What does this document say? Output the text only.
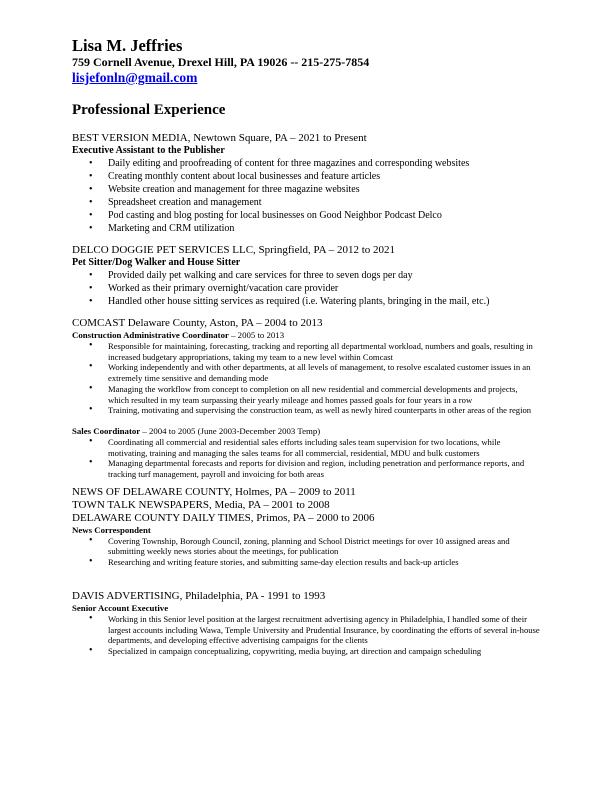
Lisa M. Jeffries

759 Cornell Avenue, Drexel Hill, PA 19026 -- 215-275-7854

lisjefonln@gmail.com

Professional Experience

BEST VERSION MEDIA, Newtown Square, PA – 2021 to Present

Executive Assistant to the Publisher

• Daily editing and proofreading of content for three magazines and corresponding websites
• Creating monthly content about local businesses and feature articles
• Website creation and management for three magazine websites
• Spreadsheet creation and management
• Pod casting and blog posting for local businesses on Good Neighbor Podcast Delco
• Marketing and CRM utilization

DELCO DOGGIE PET SERVICES LLC, Springfield, PA – 2012 to 2021

Pet Sitter/Dog Walker and House Sitter

• Provided daily pet walking and care services for three to seven dogs per day
• Worked as their primary overnight/vacation care provider
• Handled other house sitting services as required (i.e. Watering plants, bringing in the mail, etc.)

COMCAST Delaware County, Aston, PA – 2004 to 2013

Construction Administrative Coordinator – 2005 to 2013

• Responsible for maintaining, forecasting, tracking and reporting all departmental workload, numbers and goals, resulting in increased budgetary appropriations, taking my team to a new level within Comcast
• Working independently and with other departments, at all levels of management, to resolve escalated customer issues in an extremely time sensitive and demanding mode
• Managing the workflow from concept to completion on all new residential and commercial developments and projects, which resulted in my team surpassing their yearly mileage and homes passed goals for four years in a row
• Training, motivating and supervising the construction team, as well as newly hired counterparts in other areas of the region

Sales Coordinator – 2004 to 2005 (June 2003-December 2003 Temp)

• Coordinating all commercial and residential sales efforts including sales team supervision for two locations, while motivating, training and managing the sales teams for all commercial, residential, MDU and bulk customers
• Managing departmental forecasts and reports for division and region, including penetration and performance reports, and tracking turf management, payroll and invoicing for both areas

NEWS OF DELAWARE COUNTY, Holmes, PA – 2009 to 2011

TOWN TALK NEWSPAPERS, Media, PA – 2001 to 2008

DELAWARE COUNTY DAILY TIMES, Primos, PA – 2000 to 2006

News Correspondent

• Covering Township, Borough Council, zoning, planning and School District meetings for over 10 assigned areas and submitting weekly news stories about the meetings, for publication
• Researching and writing feature stories, and submitting same-day election results and back-up articles

DAVIS ADVERTISING, Philadelphia, PA - 1991 to 1993

Senior Account Executive

• Working in this Senior level position at the largest recruitment advertising agency in Philadelphia, I handled some of their largest accounts including Wawa, Temple University and Prudential Insurance, by coordinating the efforts of several in-house departments, and developing effective advertising campaigns for the clients
• Specialized in campaign conceptualizing, copywriting, media buying, art direction and campaign scheduling
